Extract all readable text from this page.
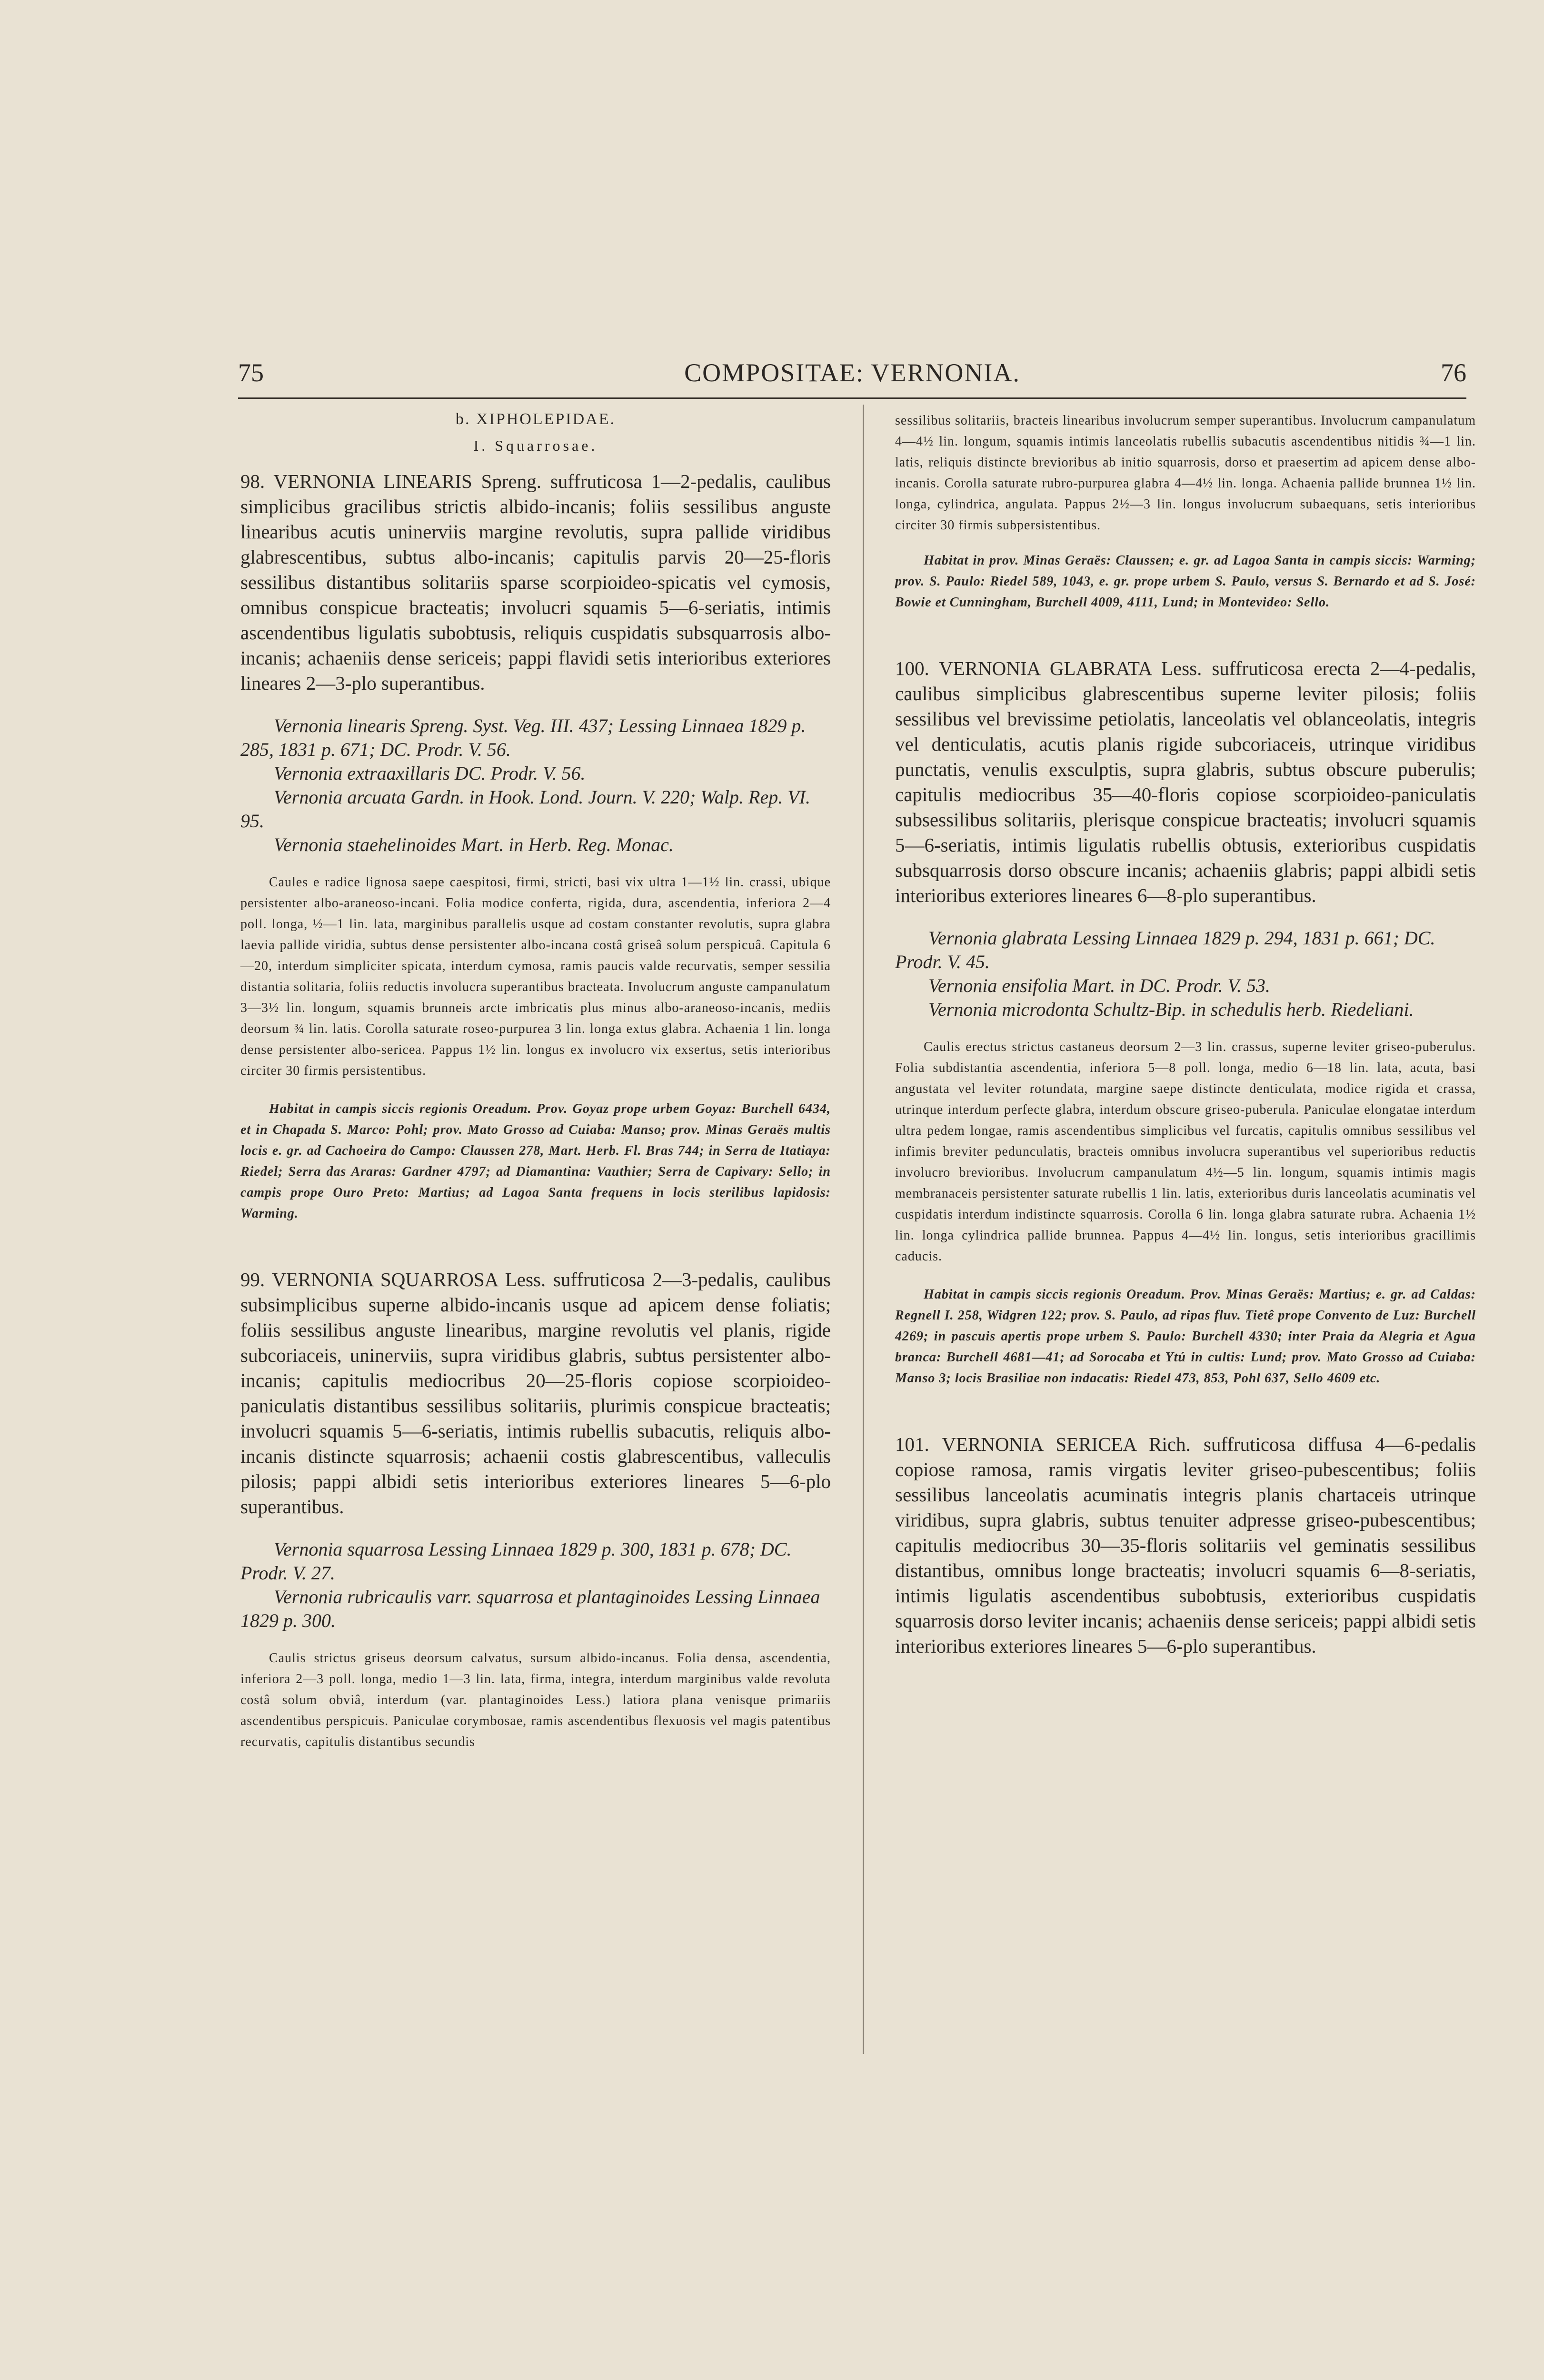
75	COMPOSITAE: VERNONIA.	76
b. XIPHOLEPIDAE.
I. Squarrosae.

98. VERNONIA LINEARIS Spreng. suffruticosa 1—2-pedalis, caulibus simplicibus gracilibus strictis albido-incanis; foliis sessilibus anguste linearibus acutis uninerviis margine revolutis, supra pallide viridibus glabrescentibus, subtus albo-incanis; capitulis parvis 20—25-floris sessilibus distantibus solitariis sparse scorpioideo-spicatis vel cymosis, omnibus conspicue bracteatis; involucri squamis 5—6-seriatis, intimis ascendentibus ligulatis subobtusis, reliquis cuspidatis subsquarrosis albo-incanis; achaeniis dense sericeis; pappi flavidi setis interioribus exteriores lineares 2—3-plo superantibus.

Vernonia linearis Spreng. Syst. Veg. III. 437; Lessing Linnaea 1829 p. 285, 1831 p. 671; DC. Prodr. V. 56.
Vernonia extraaxillaris DC. Prodr. V. 56.
Vernonia arcuata Gardn. in Hook. Lond. Journ. V. 220; Walp. Rep. VI. 95.
Vernonia staehelinoides Mart. in Herb. Reg. Monac.

Caules e radice lignosa saepe caespitosi, firmi, stricti, basi vix ultra 1—1½ lin. crassi, ubique persistenter albo-araneoso-incani. Folia modice conferta, rigida, dura, ascendentia, inferiora 2—4 poll. longa, ½—1 lin. lata, marginibus parallelis usque ad costam constanter revolutis, supra glabra laevia pallide viridia, subtus dense persistenter albo-incana costâ griseâ solum perspicuâ. Capitula 6—20, interdum simpliciter spicata, interdum cymosa, ramis paucis valde recurvatis, semper sessilia distantia solitaria, foliis reductis involucra superantibus bracteata. Involucrum anguste campanulatum 3—3½ lin. longum, squamis brunneis arcte imbricatis plus minus albo-araneoso-incanis, mediis deorsum ¾ lin. latis. Corolla saturate roseo-purpurea 3 lin. longa extus glabra. Achaenia 1 lin. longa dense persistenter albo-sericea. Pappus 1½ lin. longus ex involucro vix exsertus, setis interioribus circiter 30 firmis persistentibus.

Habitat in campis siccis regionis Oreadum. Prov. Goyaz prope urbem Goyaz: Burchell 6434, et in Chapada S. Marco: Pohl; prov. Mato Grosso ad Cuiaba: Manso; prov. Minas Geraës multis locis e. gr. ad Cachoeira do Campo: Claussen 278, Mart. Herb. Fl. Bras 744; in Serra de Itatiaya: Riedel; Serra das Araras: Gardner 4797; ad Diamantina: Vauthier; Serra de Capivary: Sello; in campis prope Ouro Preto: Martius; ad Lagoa Santa frequens in locis sterilibus lapidosis: Warming.

99. VERNONIA SQUARROSA Less. suffruticosa 2—3-pedalis, caulibus subsimplicibus superne albido-incanis usque ad apicem dense foliatis; foliis sessilibus anguste linearibus, margine revolutis vel planis, rigide subcoriaceis, uninerviis, supra viridibus glabris, subtus persistenter albo-incanis; capitulis mediocribus 20—25-floris copiose scorpioideo-paniculatis distantibus sessilibus solitariis, plurimis conspicue bracteatis; involucri squamis 5—6-seriatis, intimis rubellis subacutis, reliquis albo-incanis distincte squarrosis; achaenii costis glabrescentibus, valleculis pilosis; pappi albidi setis interioribus exteriores lineares 5—6-plo superantibus.

Vernonia squarrosa Lessing Linnaea 1829 p. 300, 1831 p. 678; DC. Prodr. V. 27.
Vernonia rubricaulis varr. squarrosa et plantaginoides Lessing Linnaea 1829 p. 300.

Caulis strictus griseus deorsum calvatus, sursum albido-incanus. Folia densa, ascendentia, inferiora 2—3 poll. longa, medio 1—3 lin. lata, firma, integra, interdum marginibus valde revoluta costâ solum obviâ, interdum (var. plantaginoides Less.) latiora plana venisque primariis ascendentibus perspicuis. Paniculae corymbosae, ramis ascendentibus flexuosis vel magis patentibus recurvatis, capitulis distantibus secundis

sessilibus solitariis, bracteis linearibus involucrum semper superantibus. Involucrum campanulatum 4—4½ lin. longum, squamis intimis lanceolatis rubellis subacutis ascendentibus nitidis ¾—1 lin. latis, reliquis distincte brevioribus ab initio squarrosis, dorso et praesertim ad apicem dense albo-incanis. Corolla saturate rubro-purpurea glabra 4—4½ lin. longa. Achaenia pallide brunnea 1½ lin. longa, cylindrica, angulata. Pappus 2½—3 lin. longus involucrum subaequans, setis interioribus circiter 30 firmis subpersistentibus.

Habitat in prov. Minas Geraës: Claussen; e. gr. ad Lagoa Santa in campis siccis: Warming; prov. S. Paulo: Riedel 589, 1043, e. gr. prope urbem S. Paulo, versus S. Bernardo et ad S. José: Bowie et Cunningham, Burchell 4009, 4111, Lund; in Montevideo: Sello.

100. VERNONIA GLABRATA Less. suffruticosa erecta 2—4-pedalis, caulibus simplicibus glabrescentibus superne leviter pilosis; foliis sessilibus vel brevissime petiolatis, lanceolatis vel oblanceolatis, integris vel denticulatis, acutis planis rigide subcoriaceis, utrinque viridibus punctatis, venulis exsculptis, supra glabris, subtus obscure puberulis; capitulis mediocribus 35—40-floris copiose scorpioideo-paniculatis subsessilibus solitariis, plerisque conspicue bracteatis; involucri squamis 5—6-seriatis, intimis ligulatis rubellis obtusis, exterioribus cuspidatis subsquarrosis dorso obscure incanis; achaeniis glabris; pappi albidi setis interioribus exteriores lineares 6—8-plo superantibus.

Vernonia glabrata Lessing Linnaea 1829 p. 294, 1831 p. 661; DC. Prodr. V. 45.
Vernonia ensifolia Mart. in DC. Prodr. V. 53.
Vernonia microdonta Schultz-Bip. in schedulis herb. Riedeliani.

Caulis erectus strictus castaneus deorsum 2—3 lin. crassus, superne leviter griseo-puberulus. Folia subdistantia ascendentia, inferiora 5—8 poll. longa, medio 6—18 lin. lata, acuta, basi angustata vel leviter rotundata, margine saepe distincte denticulata, modice rigida et crassa, utrinque interdum perfecte glabra, interdum obscure griseo-puberula. Paniculae elongatae interdum ultra pedem longae, ramis ascendentibus simplicibus vel furcatis, capitulis omnibus sessilibus vel infimis breviter pedunculatis, bracteis omnibus involucra superantibus vel superioribus reductis involucro brevioribus. Involucrum campanulatum 4½—5 lin. longum, squamis intimis magis membranaceis persistenter saturate rubellis 1 lin. latis, exterioribus duris lanceolatis acuminatis vel cuspidatis interdum indistincte squarrosis. Corolla 6 lin. longa glabra saturate rubra. Achaenia 1½ lin. longa cylindrica pallide brunnea. Pappus 4—4½ lin. longus, setis interioribus gracillimis caducis.

Habitat in campis siccis regionis Oreadum. Prov. Minas Geraës: Martius; e. gr. ad Caldas: Regnell I. 258, Widgren 122; prov. S. Paulo, ad ripas fluv. Tietê prope Convento de Luz: Burchell 4269; in pascuis apertis prope urbem S. Paulo: Burchell 4330; inter Praia da Alegria et Agua branca: Burchell 4681—41; ad Sorocaba et Ytú in cultis: Lund; prov. Mato Grosso ad Cuiaba: Manso 3; locis Brasiliae non indacatis: Riedel 473, 853, Pohl 637, Sello 4609 etc.

101. VERNONIA SERICEA Rich. suffruticosa diffusa 4—6-pedalis copiose ramosa, ramis virgatis leviter griseo-pubescentibus; foliis sessilibus lanceolatis acuminatis integris planis chartaceis utrinque viridibus, supra glabris, subtus tenuiter adpresse griseo-pubescentibus; capitulis mediocribus 30—35-floris solitariis vel geminatis sessilibus distantibus, omnibus longe bracteatis; involucri squamis 6—8-seriatis, intimis ligulatis ascendentibus subobtusis, exterioribus cuspidatis squarrosis dorso leviter incanis; achaeniis dense sericeis; pappi albidi setis interioribus exteriores lineares 5—6-plo superantibus.
